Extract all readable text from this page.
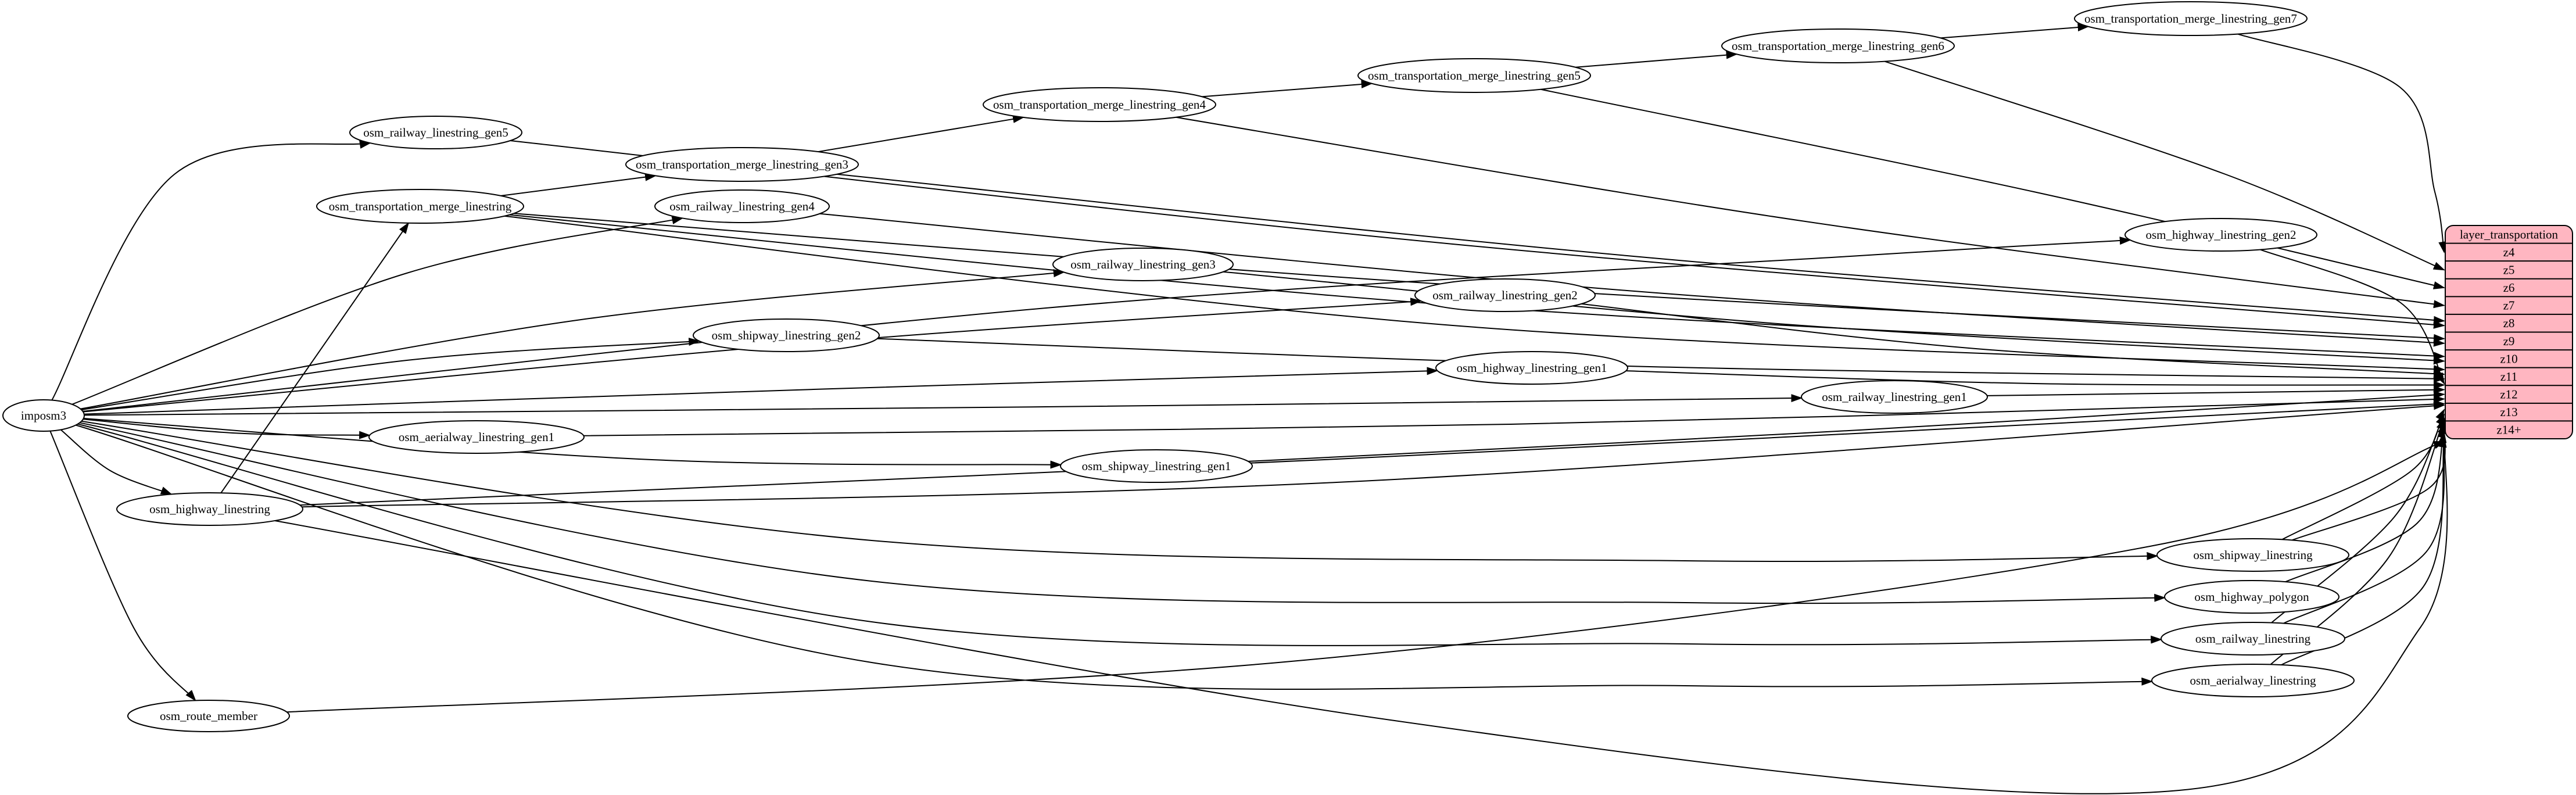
imposm3
osm_railway_linestring_gen5
osm_transportation_merge_linestring	osm_railway_linestring_gen4
osm_transportation_merge_linestring_gen3
osm_transportation_merge_linestring_gen4
osm_transportation_merge_linestring_gen5
osm_transportation_merge_linestring_gen6
osm_transportation_merge_linestring_gen7
osm_highway_linestring_gen2
osm_railway_linestring_gen3
osm_railway_linestring_gen2
osm_shipway_linestring_gen2
osm_highway_linestring_gen1
osm_railway_linestring_gen1
osm_aerialway_linestring_gen1
osm_shipway_linestring_gen1
osm_highway_linestring
osm_shipway_linestring
osm_highway_polygon
osm_railway_linestring
osm_aerialway_linestring
osm_route_member
layer_transportation
z4
z5
z6
z7
z8
z9
z10
z11
z12
z13
z14+
